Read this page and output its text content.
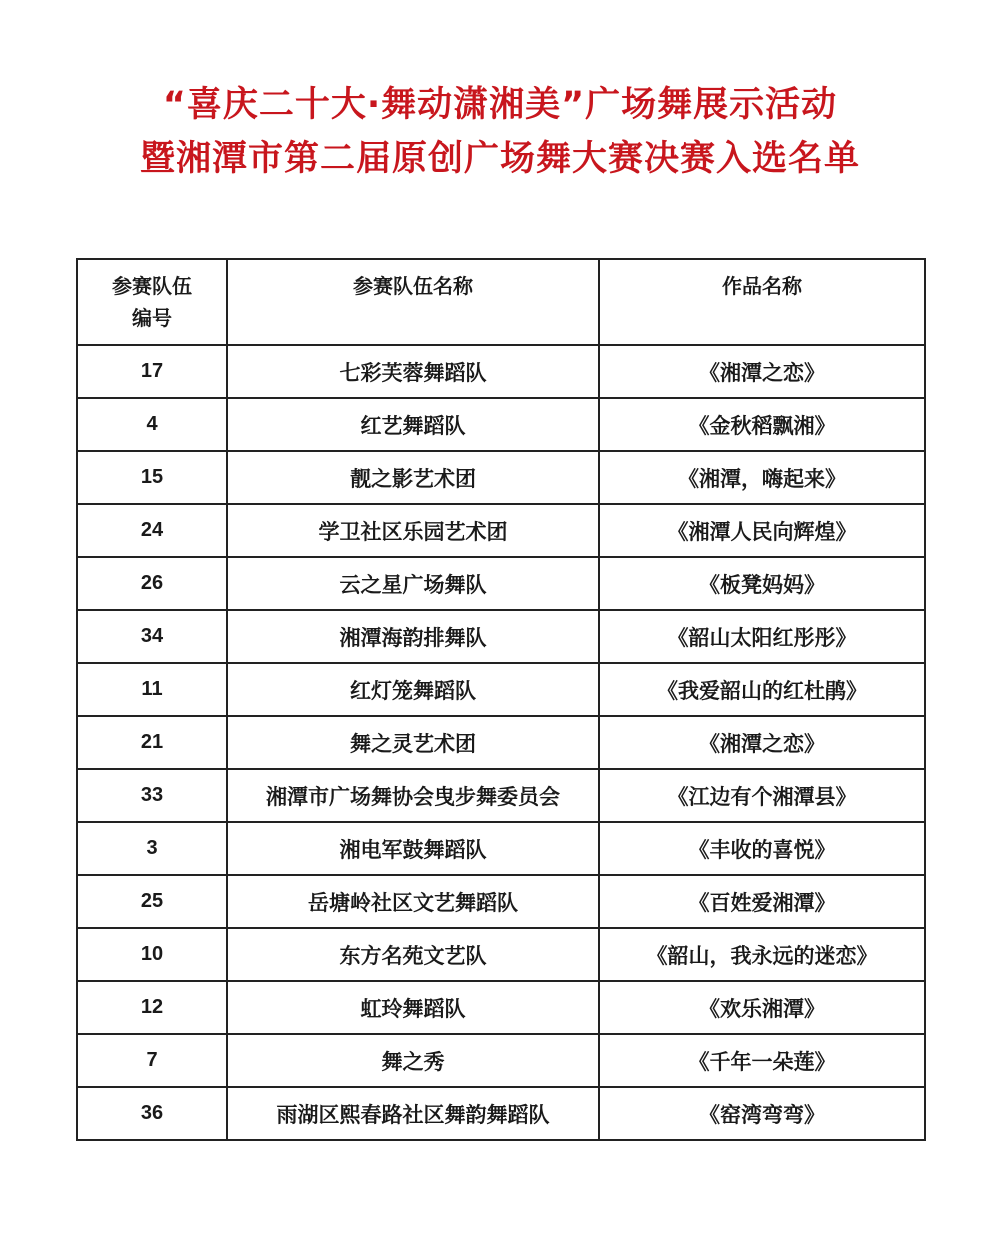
“喜庆二十大·舞动潇湘美”广场舞展示活动
暨湘潭市第二届原创广场舞大赛决赛入选名单
参赛队伍
编号	参赛队伍名称	作品名称
17	七彩芙蓉舞蹈队	《湘潭之恋》
4	红艺舞蹈队	《金秋稻飘湘》
15	靓之影艺术团	《湘潭，嗨起来》
24	学卫社区乐园艺术团	《湘潭人民向辉煌》
26	云之星广场舞队	《板凳妈妈》
34	湘潭海韵排舞队	《韶山太阳红彤彤》
11	红灯笼舞蹈队	《我爱韶山的红杜鹃》
21	舞之灵艺术团	《湘潭之恋》
33	湘潭市广场舞协会曳步舞委员会	《江边有个湘潭县》
3	湘电军鼓舞蹈队	《丰收的喜悦》
25	岳塘岭社区文艺舞蹈队	《百姓爱湘潭》
10	东方名苑文艺队	《韶山，我永远的迷恋》
12	虹玲舞蹈队	《欢乐湘潭》
7	舞之秀	《千年一朵莲》
36	雨湖区熙春路社区舞韵舞蹈队	《窑湾弯弯》
